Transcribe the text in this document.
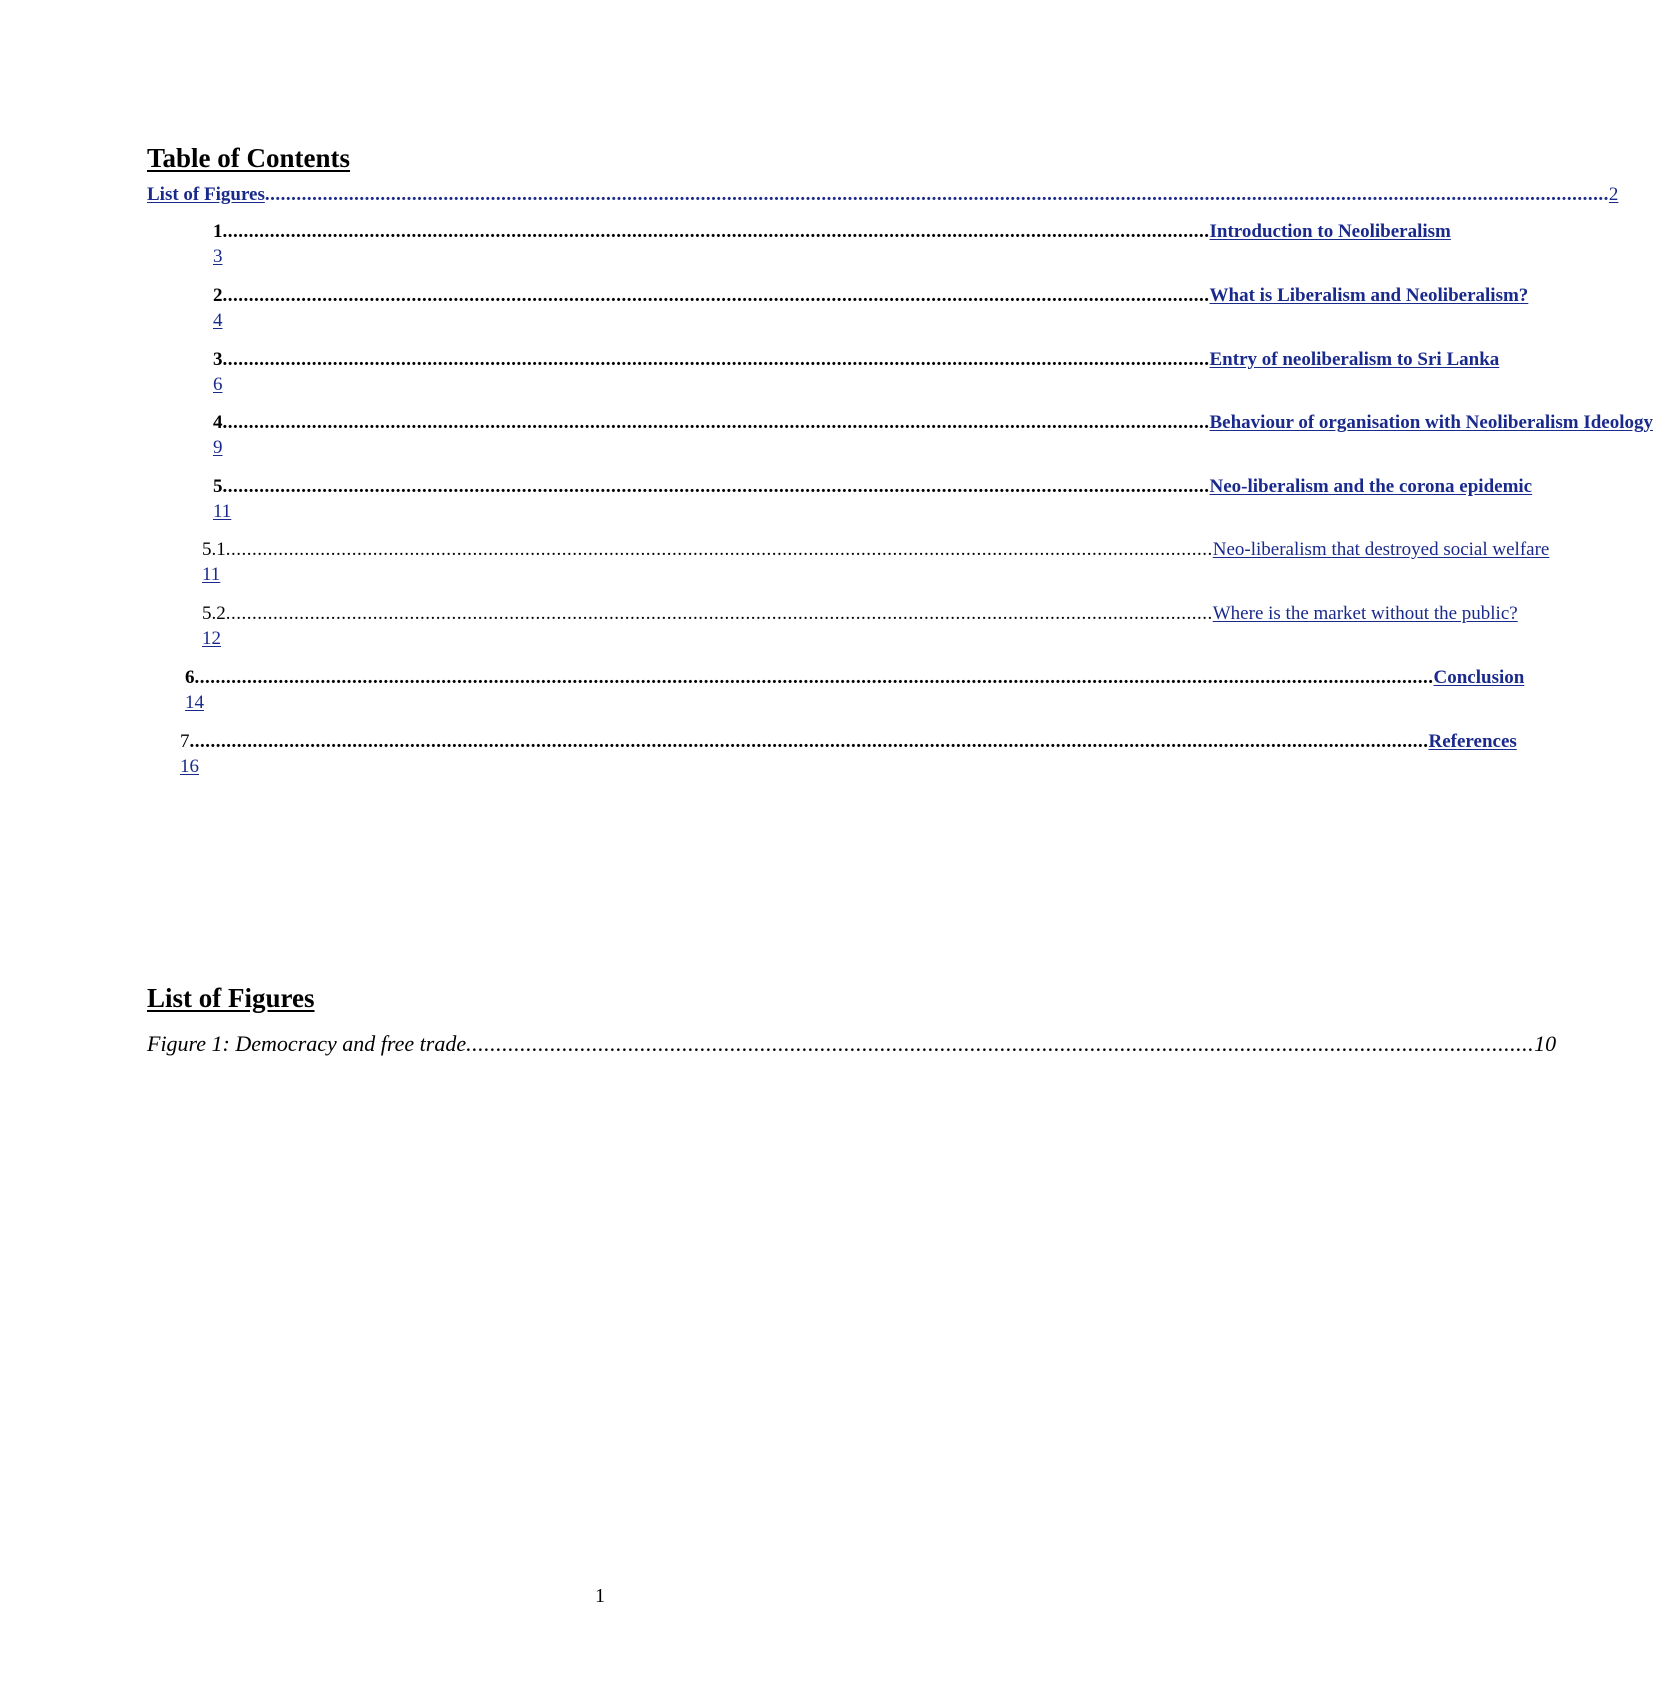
Table of Contents
List of Figures ................................................................................................................................................................................................................................................................ 2
1 ............................................................................................................................................................................................ Introduction to Neoliberalism
3
2 ............................................................................................................................................................................................ What is Liberalism and Neoliberalism?
4
3 ............................................................................................................................................................................................ Entry of neoliberalism to Sri Lanka
6
4 ............................................................................................................................................................................................ Behaviour of organisation with Neoliberalism Ideology
9
5 ............................................................................................................................................................................................ Neo-liberalism and the corona epidemic
11
5.1 ............................................................................................................................................................................................ Neo-liberalism that destroyed social welfare
11
5.2 ............................................................................................................................................................................................ Where is the market without the public?
12
6 ............................................................................................................................................................................................................................................ Conclusion
14
7 ............................................................................................................................................................................................................................................ References
16
List of Figures
Figure 1: Democracy and free trade .................................................................................................................................................................................. 10
1
